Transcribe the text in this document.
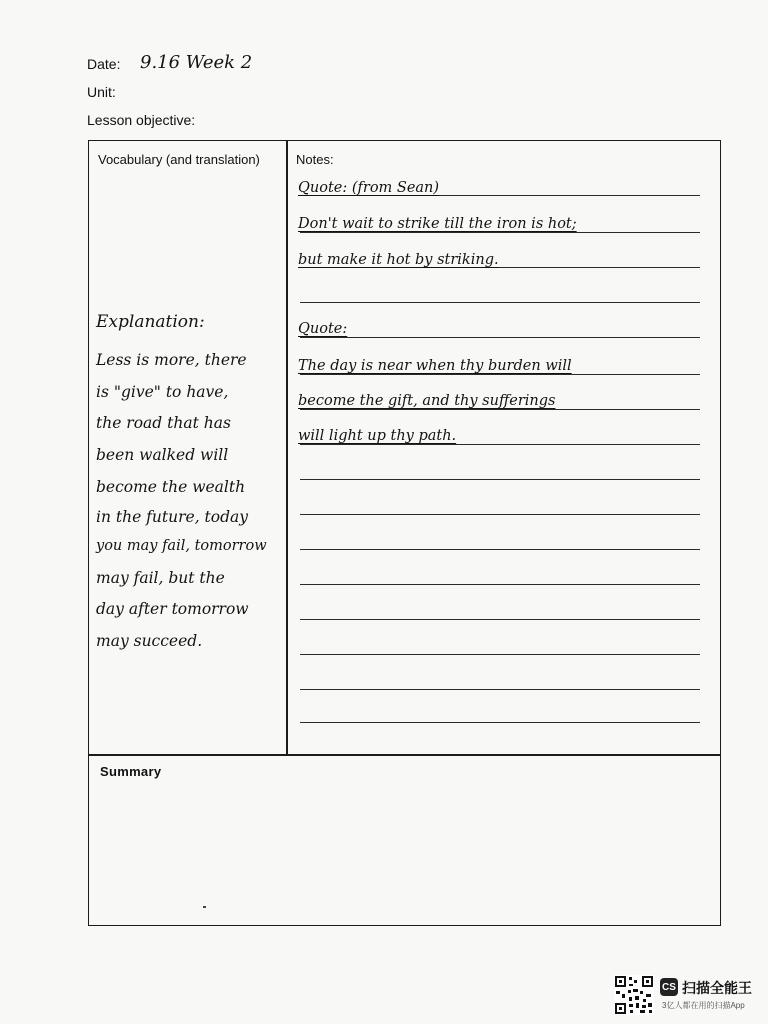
Date: 9.16 Week 2
Unit:
Lesson objective:
Vocabulary (and translation)	Notes:
Quote: (from Sean)
Don't wait to strike till the iron is hot;
but make it hot by striking.
Quote:
The day is near when thy burden will
become the gift, and thy sufferings
will light up thy path.
Explanation:
Less is more, there
is "give" to have,
the road that has
been walked will
become the wealth
in the future, today
you may fail, tomorrow
may fail, but the
day after tomorrow
may succeed.
Summary
CS 扫描全能王
3亿人都在用的扫描App
